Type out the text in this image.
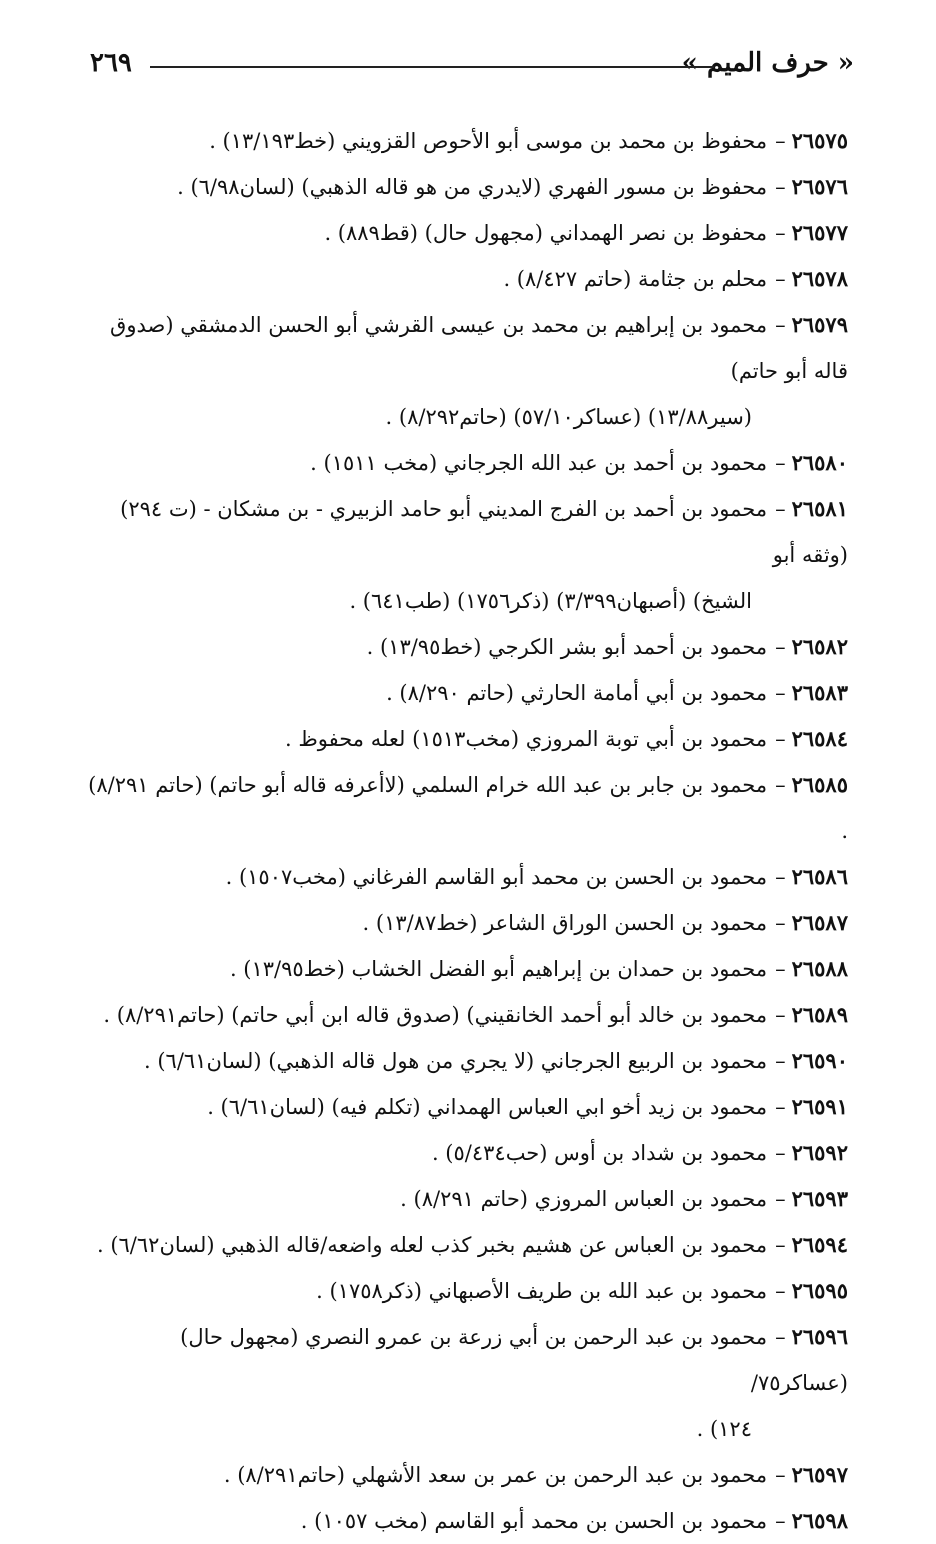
« حرف الميم »
٢٦٩
٢٦٥٧٥–محفوظ بن محمد بن موسى أبو الأحوص القزويني (خط١٣/١٩٣) .
٢٦٥٧٦–محفوظ بن مسور الفهري (لايدري من هو قاله الذهبي) (لسان٦/٩٨) .
٢٦٥٧٧–محفوظ بن نصر الهمداني (مجهول حال) (قط٨٨٩) .
٢٦٥٧٨–محلم بن جثامة (حاتم ٨/٤٢٧) .
٢٦٥٧٩–محمود بن إبراهيم بن محمد بن عيسى القرشي أبو الحسن الدمشقي (صدوق قاله أبو حاتم)
(سير١٣/٨٨) (عساكر٥٧/١٠) (حاتم٨/٢٩٢) .
٢٦٥٨٠–محمود بن أحمد بن عبد الله الجرجاني (مخب ١٥١١) .
٢٦٥٨١–محمود بن أحمد بن الفرج المديني أبو حامد الزبيري - بن مشكان - (ت ٢٩٤) (وثقه أبو
الشيخ) (أصبهان٣/٣٩٩) (ذكر١٧٥٦) (طب٦٤١) .
٢٦٥٨٢–محمود بن أحمد أبو بشر الكرجي (خط١٣/٩٥) .
٢٦٥٨٣–محمود بن أبي أمامة الحارثي (حاتم ٨/٢٩٠) .
٢٦٥٨٤–محمود بن أبي توبة المروزي (مخب١٥١٣) لعله محفوظ .
٢٦٥٨٥–محمود بن جابر بن عبد الله خرام السلمي (لاأعرفه قاله أبو حاتم) (حاتم ٨/٢٩١) .
٢٦٥٨٦–محمود بن الحسن بن محمد أبو القاسم الفرغاني (مخب١٥٠٧) .
٢٦٥٨٧–محمود بن الحسن الوراق الشاعر (خط١٣/٨٧) .
٢٦٥٨٨–محمود بن حمدان بن إبراهيم أبو الفضل الخشاب (خط١٣/٩٥) .
٢٦٥٨٩–محمود بن خالد أبو أحمد الخانقيني) (صدوق قاله ابن أبي حاتم) (حاتم٨/٢٩١) .
٢٦٥٩٠–محمود بن الربيع الجرجاني (لا يجري من هول قاله الذهبي) (لسان٦/٦١) .
٢٦٥٩١–محمود بن زيد أخو ابي العباس الهمداني (تكلم فيه) (لسان٦/٦١) .
٢٦٥٩٢–محمود بن شداد بن أوس (حب٥/٤٣٤) .
٢٦٥٩٣–محمود بن العباس المروزي (حاتم ٨/٢٩١) .
٢٦٥٩٤–محمود بن العباس عن هشيم بخبر كذب لعله واضعه/قاله الذهبي (لسان٦/٦٢) .
٢٦٥٩٥–محمود بن عبد الله بن طريف الأصبهاني (ذكر١٧٥٨) .
٢٦٥٩٦–محمود بن عبد الرحمن بن أبي زرعة بن عمرو النصري (مجهول حال) (عساكر٧٥/
١٢٤) .
٢٦٥٩٧–محمود بن عبد الرحمن بن عمر بن سعد الأشهلي (حاتم٨/٢٩١) .
٢٦٥٩٨–محمود بن الحسن بن محمد أبو القاسم (مخب ١٠٥٧) .
